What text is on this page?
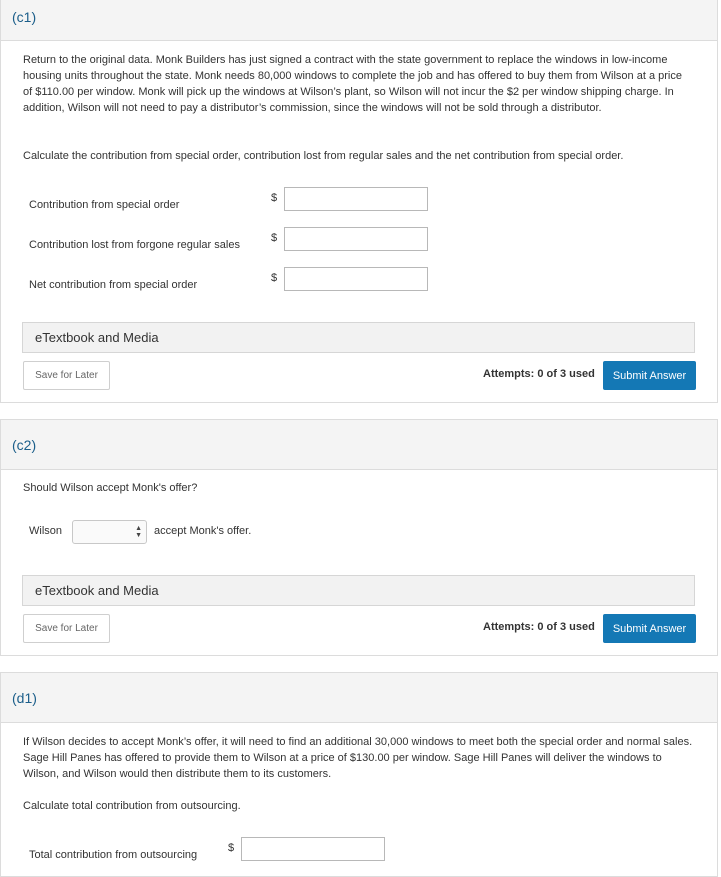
(c1)

Return to the original data. Monk Builders has just signed a contract with the state government to replace the windows in low-income housing units throughout the state. Monk needs 80,000 windows to complete the job and has offered to buy them from Wilson at a price of $110.00 per window. Monk will pick up the windows at Wilson’s plant, so Wilson will not incur the $2 per window shipping charge. In addition, Wilson will not need to pay a distributor’s commission, since the windows will not be sold through a distributor.

Calculate the contribution from special order, contribution lost from regular sales and the net contribution from special order.

Contribution from special order
$
Contribution lost from forgone regular sales
$
Net contribution from special order
$
eTextbook and Media
Save for Later	Attempts: 0 of 3 used	Submit Answer
(c2)
Should Wilson accept Monk's offer?
Wilson	▲
▼ accept Monk's offer.
eTextbook and Media
Save for Later	Attempts: 0 of 3 used	Submit Answer
(d1)

If Wilson decides to accept Monk’s offer, it will need to find an additional 30,000 windows to meet both the special order and normal sales. Sage Hill Panes has offered to provide them to Wilson at a price of $130.00 per window. Sage Hill Panes will deliver the windows to Wilson, and Wilson would then distribute them to its customers.

Calculate total contribution from outsourcing.

Total contribution from outsourcing
$
